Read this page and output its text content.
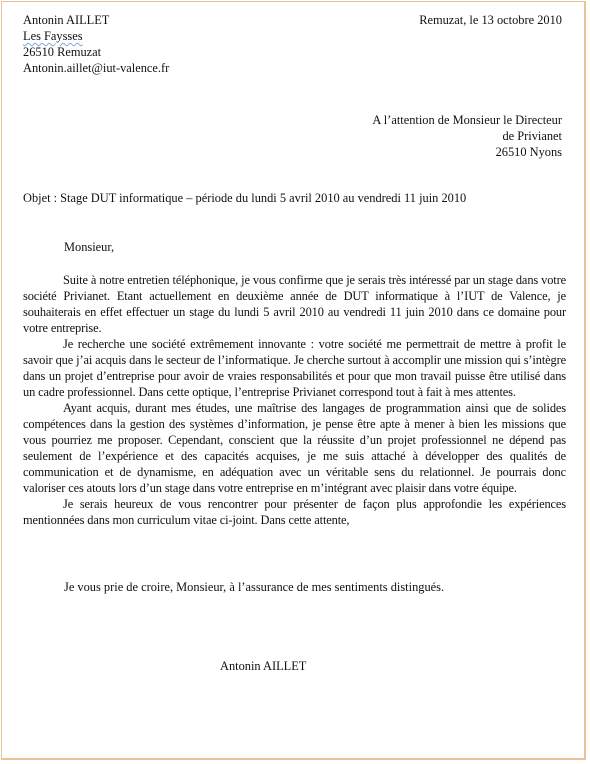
Antonin AILLET
Les Faysses
26510 Remuzat
Antonin.aillet@iut-valence.fr
Remuzat, le 13 octobre 2010
A l’attention de Monsieur le Directeur
de Privianet
26510 Nyons
Objet : Stage DUT informatique – période du lundi 5 avril 2010 au vendredi 11 juin 2010
Monsieur,

Suite à notre entretien téléphonique, je vous confirme que je serais très intéressé par un stage dans votre société Privianet. Etant actuellement en deuxième année de DUT informatique à l’IUT de Valence, je souhaiterais en effet effectuer un stage du lundi 5 avril 2010 au vendredi 11 juin 2010 dans ce domaine pour votre entreprise.

Je recherche une société extrêmement innovante : votre société me permettrait de mettre à profit le savoir que j’ai acquis dans le secteur de l’informatique. Je cherche surtout à accomplir une mission qui s’intègre dans un projet d’entreprise pour avoir de vraies responsabilités et pour que mon travail puisse être utilisé dans un cadre professionnel. Dans cette optique, l’entreprise Privianet correspond tout à fait à mes attentes.

Ayant acquis, durant mes études, une maîtrise des langages de programmation ainsi que de solides compétences dans la gestion des systèmes d’information, je pense être apte à mener à bien les missions que vous pourriez me proposer. Cependant, conscient que la réussite d’un projet professionnel ne dépend pas seulement de l’expérience et des capacités acquises, je me suis attaché à développer des qualités de communication et de dynamisme, en adéquation avec un véritable sens du relationnel. Je pourrais donc valoriser ces atouts lors d’un stage dans votre entreprise en m’intégrant avec plaisir dans votre équipe.

Je serais heureux de vous rencontrer pour présenter de façon plus approfondie les expériences mentionnées dans mon curriculum vitae ci-joint. Dans cette attente,

Je vous prie de croire, Monsieur, à l’assurance de mes sentiments distingués.
Antonin AILLET
